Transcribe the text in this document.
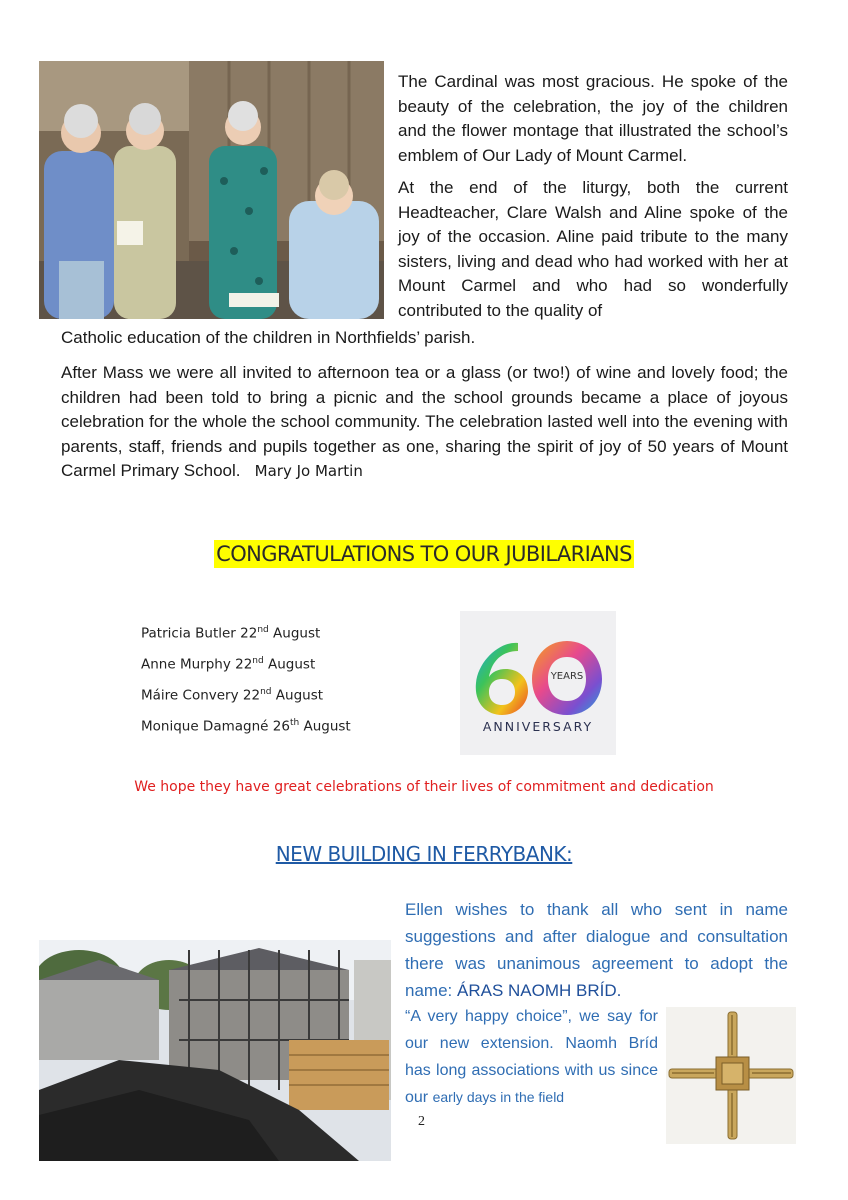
The Cardinal was most gracious. He spoke of the beauty of the celebration, the joy of the children and the flower montage that illustrated the school’s emblem of Our Lady of Mount Carmel.

At the end of the liturgy, both the current Headteacher, Clare Walsh and Aline spoke of the joy of the occasion. Aline paid tribute to the many sisters, living and dead who had worked with her at Mount Carmel and who had so wonderfully contributed to the quality of

Catholic education of the children in Northfields’ parish.

After Mass we were all invited to afternoon tea or a glass (or two!) of wine and lovely food; the children had been told to bring a picnic and the school grounds became a place of joyous celebration for the whole the school community. The celebration lasted well into the evening with parents, staff, friends and pupils together as one, sharing the spirit of joy of 50 years of Mount Carmel Primary School. Mary Jo Martin

CONGRATULATIONS TO OUR JUBILARIANS
Patricia Butler 22nd August
Anne Murphy 22nd August
Máire Convery 22nd August
Monique Damagné 26th August
YEARS
ANNIVERSARY
We hope they have great celebrations of their lives of commitment and dedication
NEW BUILDING IN FERRYBANK:
Ellen wishes to thank all who sent in name suggestions and after dialogue and consultation there was unanimous agreement to adopt the name: ÁRAS NAOMH BRÍD.
“A very happy choice”, we say for our new extension. Naomh Bríd has long associations with us since our early days in the field
2
